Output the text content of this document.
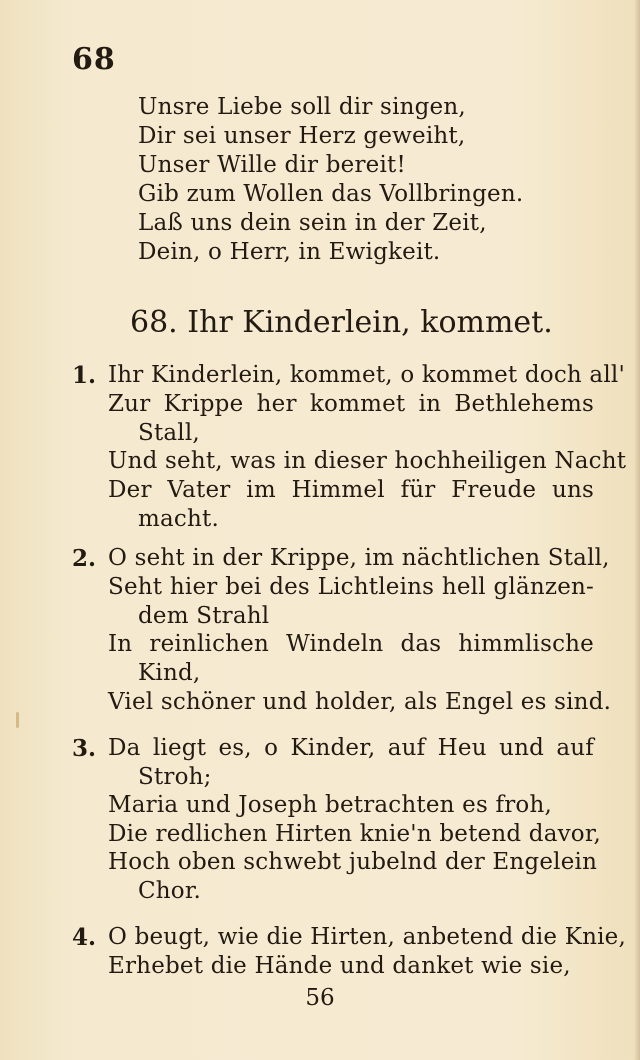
68
Unsre Liebe soll dir singen,
Dir sei unser Herz geweiht,
Unser Wille dir bereit!
Gib zum Wollen das Vollbringen.
Laß uns dein sein in der Zeit,
Dein, o Herr, in Ewigkeit.
68. Ihr Kinderlein, kommet.
1. Ihr Kinderlein, kommet, o kommet doch all'
Zur Krippe her kommet in Bethlehems
Stall,
Und seht, was in dieser hochheiligen Nacht
Der Vater im Himmel für Freude uns
macht.
2. O seht in der Krippe, im nächtlichen Stall,
Seht hier bei des Lichtleins hell glänzen-
dem Strahl
In reinlichen Windeln das himmlische
Kind,
Viel schöner und holder, als Engel es sind.
3. Da liegt es, o Kinder, auf Heu und auf
Stroh;
Maria und Joseph betrachten es froh,
Die redlichen Hirten knie'n betend davor,
Hoch oben schwebt jubelnd der Engelein
Chor.
4. O beugt, wie die Hirten, anbetend die Knie,
Erhebet die Hände und danket wie sie,
56
